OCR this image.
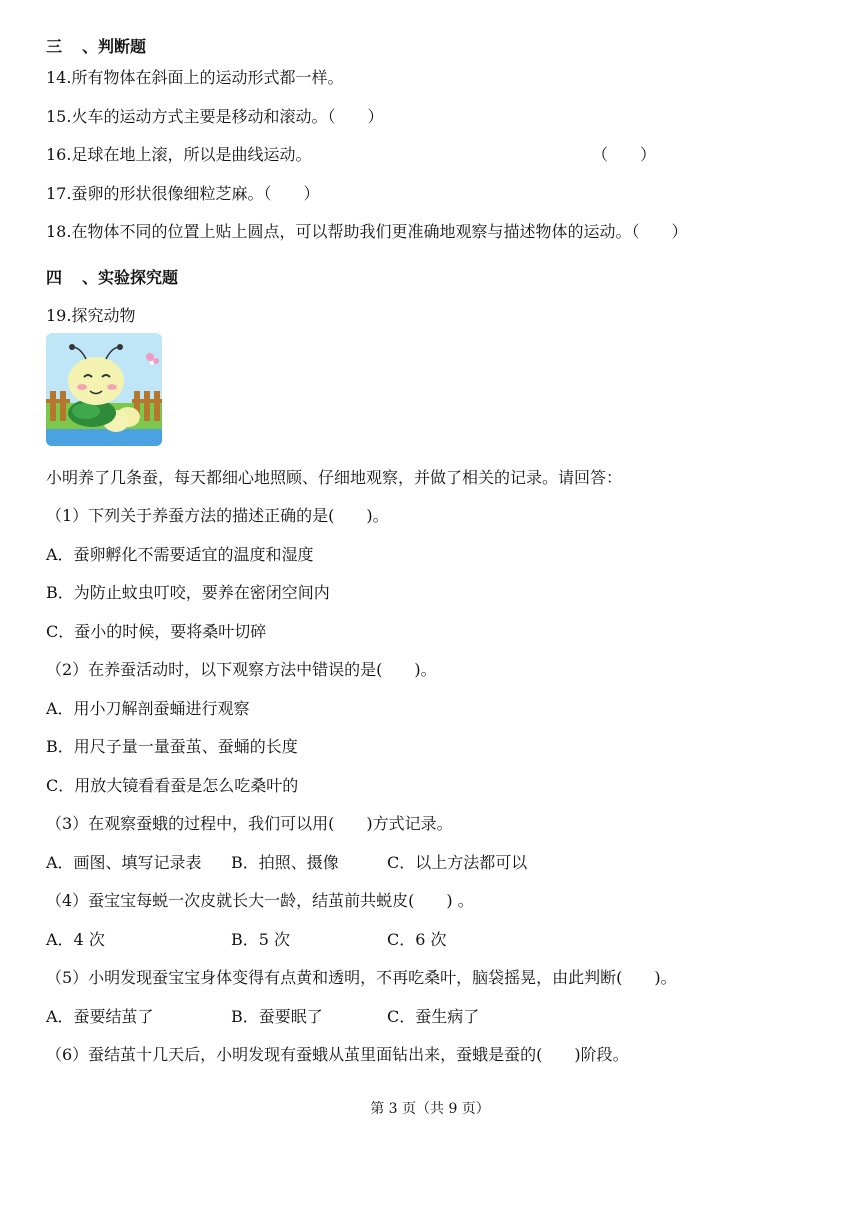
三 、判断题
14.所有物体在斜面上的运动形式都一样。
15.火车的运动方式主要是移动和滚动。（　　）
16.足球在地上滚，所以是曲线运动。	（　　）
17.蚕卵的形状很像细粒芝麻。（　　）
18.在物体不同的位置上贴上圆点，可以帮助我们更准确地观察与描述物体的运动。（　　）
四 、实验探究题
19.探究动物
小明养了几条蚕，每天都细心地照顾、仔细地观察，并做了相关的记录。请回答：
（1）下列关于养蚕方法的描述正确的是(　　)。
A．蚕卵孵化不需要适宜的温度和湿度
B．为防止蚊虫叮咬，要养在密闭空间内
C．蚕小的时候，要将桑叶切碎
（2）在养蚕活动时，以下观察方法中错误的是(　　)。
A．用小刀解剖蚕蛹进行观察
B．用尺子量一量蚕茧、蚕蛹的长度
C．用放大镜看看蚕是怎么吃桑叶的
（3）在观察蚕蛾的过程中，我们可以用(　　)方式记录。
A．画图、填写记录表 B．拍照、摄像	C．以上方法都可以
（4）蚕宝宝每蜕一次皮就长大一龄，结茧前共蜕皮(　　) 。
A．4 次	B．5 次	C．6 次
（5）小明发现蚕宝宝身体变得有点黄和透明，不再吃桑叶，脑袋摇晃，由此判断(　　)。
A．蚕要结茧了	B．蚕要眠了	C．蚕生病了
（6）蚕结茧十几天后，小明发现有蚕蛾从茧里面钻出来，蚕蛾是蚕的(　　)阶段。
第 3 页（共 9 页）
